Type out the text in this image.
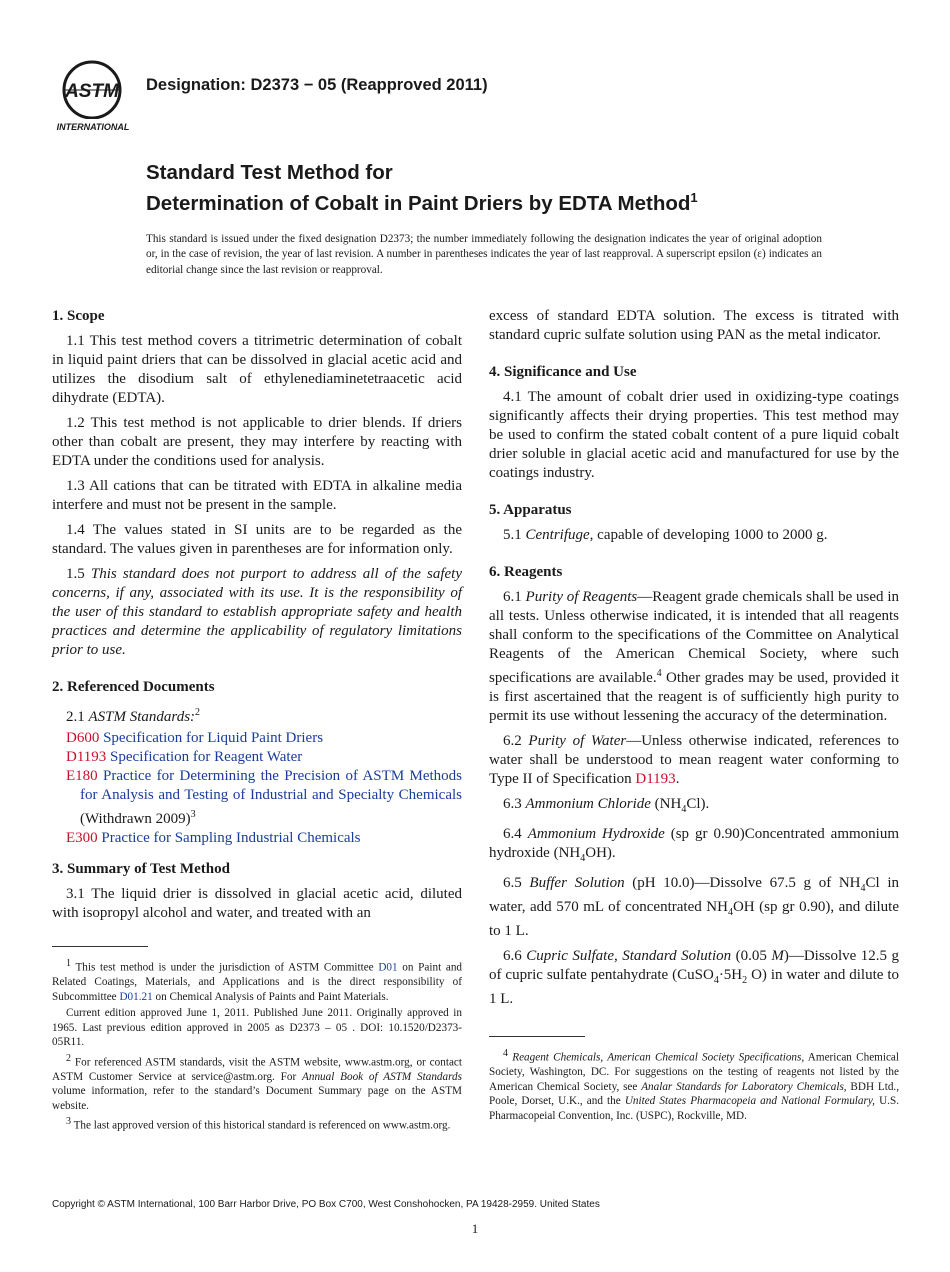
ASTM
INTERNATIONAL
Designation: D2373 − 05 (Reapproved 2011)
Standard Test Method for
Determination of Cobalt in Paint Driers by EDTA Method$^1$
This standard is issued under the fixed designation D2373; the number immediately following the designation indicates the year of original adoption or, in the case of revision, the year of last revision. A number in parentheses indicates the year of last reapproval. A superscript epsilon (ε) indicates an editorial change since the last revision or reapproval.
1. Scope

1.1 This test method covers a titrimetric determination of cobalt in liquid paint driers that can be dissolved in glacial acetic acid and utilizes the disodium salt of ethylenediaminetetraacetic acid dihydrate (EDTA).

1.2 This test method is not applicable to drier blends. If driers other than cobalt are present, they may interfere by reacting with EDTA under the conditions used for analysis.

1.3 All cations that can be titrated with EDTA in alkaline media interfere and must not be present in the sample.

1.4 The values stated in SI units are to be regarded as the standard. The values given in parentheses are for information only.

1.5 This standard does not purport to address all of the safety concerns, if any, associated with its use. It is the responsibility of the user of this standard to establish appropriate safety and health practices and determine the applicability of regulatory limitations prior to use.

2. Referenced Documents

2.1 ASTM Standards:$^2$

D600 Specification for Liquid Paint Driers

D1193 Specification for Reagent Water

E180 Practice for Determining the Precision of ASTM Methods for Analysis and Testing of Industrial and Specialty Chemicals (Withdrawn 2009)$^3$

E300 Practice for Sampling Industrial Chemicals

3. Summary of Test Method

3.1 The liquid drier is dissolved in glacial acetic acid, diluted with isopropyl alcohol and water, and treated with an

$^1$ This test method is under the jurisdiction of ASTM Committee D01 on Paint and Related Coatings, Materials, and Applications and is the direct responsibility of Subcommittee D01.21 on Chemical Analysis of Paints and Paint Materials.

Current edition approved June 1, 2011. Published June 2011. Originally approved in 1965. Last previous edition approved in 2005 as D2373 – 05 . DOI: 10.1520/D2373-05R11.

$^2$ For referenced ASTM standards, visit the ASTM website, www.astm.org, or contact ASTM Customer Service at service@astm.org. For Annual Book of ASTM Standards volume information, refer to the standard’s Document Summary page on the ASTM website.

$^3$ The last approved version of this historical standard is referenced on www.astm.org.

excess of standard EDTA solution. The excess is titrated with standard cupric sulfate solution using PAN as the metal indicator.

4. Significance and Use

4.1 The amount of cobalt drier used in oxidizing-type coatings significantly affects their drying properties. This test method may be used to confirm the stated cobalt content of a pure liquid cobalt drier soluble in glacial acetic acid and manufactured for use by the coatings industry.

5. Apparatus

5.1 Centrifuge, capable of developing 1000 to 2000 g.

6. Reagents

6.1 Purity of Reagents—Reagent grade chemicals shall be used in all tests. Unless otherwise indicated, it is intended that all reagents shall conform to the specifications of the Committee on Analytical Reagents of the American Chemical Society, where such specifications are available.$^4$ Other grades may be used, provided it is first ascertained that the reagent is of sufficiently high purity to permit its use without lessening the accuracy of the determination.

6.2 Purity of Water—Unless otherwise indicated, references to water shall be understood to mean reagent water conforming to Type II of Specification D1193.

6.3 Ammonium Chloride $(NH_4Cl)$.

6.4 Ammonium Hydroxide (sp gr 0.90)Concentrated ammonium hydroxide $(NH_4OH)$.

6.5 Buffer Solution (pH 10.0)—Dissolve 67.5 g of $NH_4Cl$ in water, add 570 mL of concentrated $NH_4OH$ (sp gr 0.90), and dilute to 1 L.

6.6 Cupric Sulfate, Standard Solution (0.05 M)—Dissolve 12.5 g of cupric sulfate pentahydrate ($CuSO_4\cdot 5H_2$ O) in water and dilute to 1 L.

$^4$ Reagent Chemicals, American Chemical Society Specifications, American Chemical Society, Washington, DC. For suggestions on the testing of reagents not listed by the American Chemical Society, see Analar Standards for Laboratory Chemicals, BDH Ltd., Poole, Dorset, U.K., and the United States Pharmacopeia and National Formulary, U.S. Pharmacopeial Convention, Inc. (USPC), Rockville, MD.

Copyright © ASTM International, 100 Barr Harbor Drive, PO Box C700, West Conshohocken, PA 19428-2959. United States
1
